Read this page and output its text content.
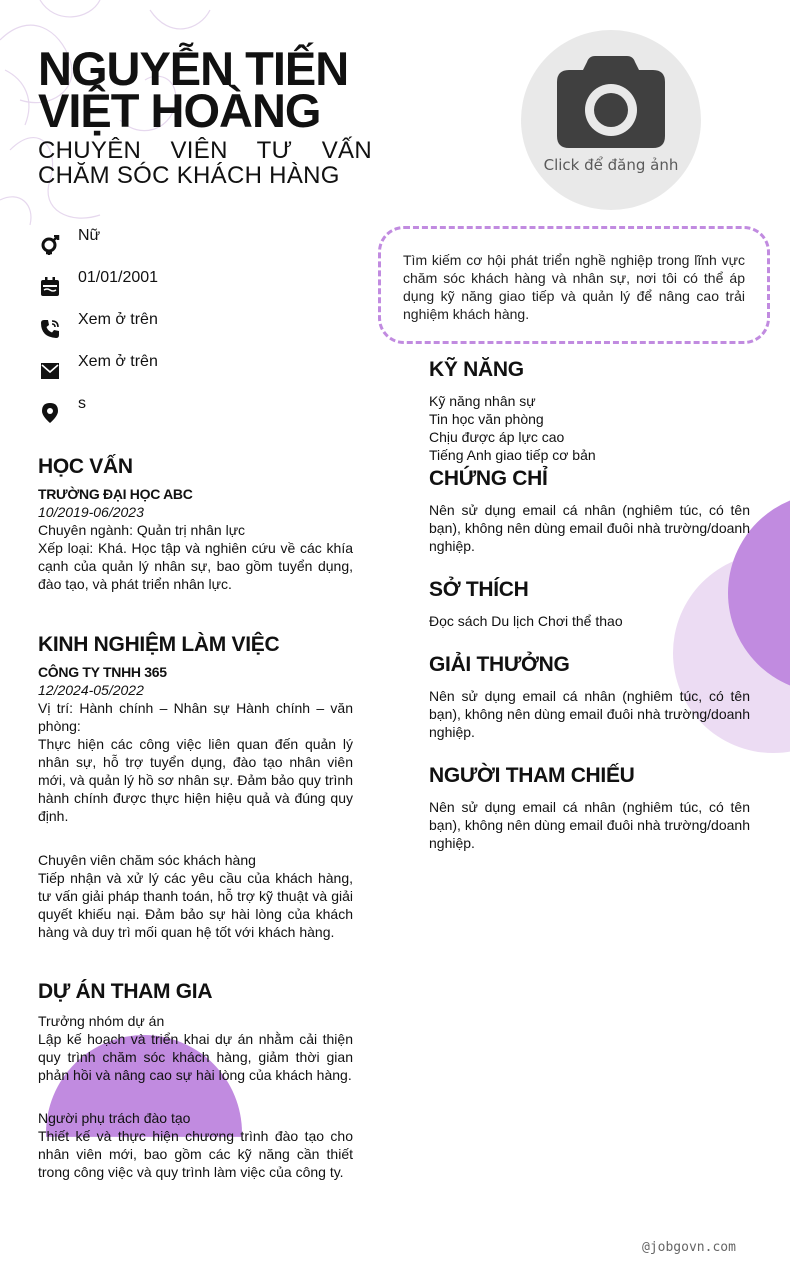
NGUYỄN TIẾN
VIỆT HOÀNG
CHUYÊN VIÊN TƯ VẤN
CHĂM SÓC KHÁCH HÀNG	Click để đăng ảnh
Nữ
01/01/2001
Xem ở trên
Xem ở trên
s
Tìm kiếm cơ hội phát triển nghề nghiệp trong lĩnh vực chăm sóc khách hàng và nhân sự, nơi tôi có thể áp dụng kỹ năng giao tiếp và quản lý để nâng cao trải nghiệm khách hàng.
HỌC VẤN
TRƯỜNG ĐẠI HỌC ABC
10/2019-06/2023
Chuyên ngành: Quản trị nhân lực
Xếp loại: Khá. Học tập và nghiên cứu về các khía cạnh của quản lý nhân sự, bao gồm tuyển dụng, đào tạo, và phát triển nhân lực.
KINH NGHIỆM LÀM VIỆC
CÔNG TY TNHH 365
12/2024-05/2022
Vị trí: Hành chính – Nhân sự Hành chính – văn phòng:
Thực hiện các công việc liên quan đến quản lý nhân sự, hỗ trợ tuyển dụng, đào tạo nhân viên mới, và quản lý hồ sơ nhân sự. Đảm bảo quy trình hành chính được thực hiện hiệu quả và đúng quy định.
Chuyên viên chăm sóc khách hàng
Tiếp nhận và xử lý các yêu cầu của khách hàng, tư vấn giải pháp thanh toán, hỗ trợ kỹ thuật và giải quyết khiếu nại. Đảm bảo sự hài lòng của khách hàng và duy trì mối quan hệ tốt với khách hàng.
DỰ ÁN THAM GIA
Trưởng nhóm dự án
Lập kế hoạch và triển khai dự án nhằm cải thiện quy trình chăm sóc khách hàng, giảm thời gian phản hồi và nâng cao sự hài lòng của khách hàng.
Người phụ trách đào tạo
Thiết kế và thực hiện chương trình đào tạo cho nhân viên mới, bao gồm các kỹ năng cần thiết trong công việc và quy trình làm việc của công ty.
KỸ NĂNG
Kỹ năng nhân sự
Tin học văn phòng
Chịu được áp lực cao
Tiếng Anh giao tiếp cơ bản
CHỨNG CHỈ
Nên sử dụng email cá nhân (nghiêm túc, có tên bạn), không nên dùng email đuôi nhà trường/doanh nghiệp.
SỞ THÍCH
Đọc sách Du lịch Chơi thể thao
GIẢI THƯỞNG
Nên sử dụng email cá nhân (nghiêm túc, có tên bạn), không nên dùng email đuôi nhà trường/doanh nghiệp.
NGƯỜI THAM CHIẾU
Nên sử dụng email cá nhân (nghiêm túc, có tên bạn), không nên dùng email đuôi nhà trường/doanh nghiệp.
@jobgovn.com
